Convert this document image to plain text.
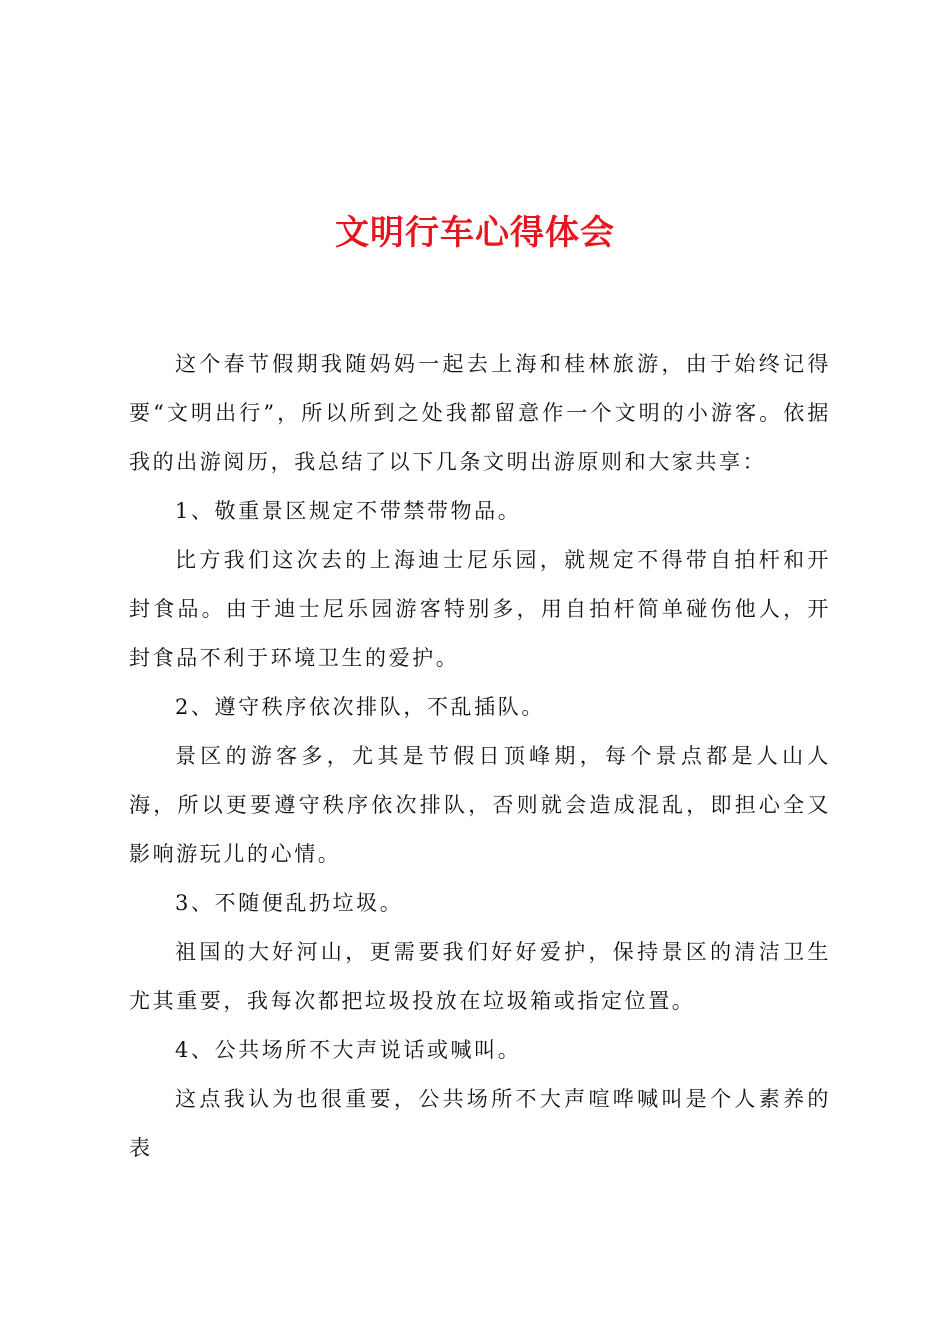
文明行车心得体会

这个春节假期我随妈妈一起去上海和桂林旅游，由于始终记得要“文明出行”，所以所到之处我都留意作一个文明的小游客。依据我的出游阅历，我总结了以下几条文明出游原则和大家共享：

1、敬重景区规定不带禁带物品。

比方我们这次去的上海迪士尼乐园，就规定不得带自拍杆和开封食品。由于迪士尼乐园游客特别多，用自拍杆简单碰伤他人，开封食品不利于环境卫生的爱护。

2、遵守秩序依次排队，不乱插队。

景区的游客多，尤其是节假日顶峰期，每个景点都是人山人海，所以更要遵守秩序依次排队，否则就会造成混乱，即担心全又影响游玩儿的心情。

3、不随便乱扔垃圾。

祖国的大好河山，更需要我们好好爱护，保持景区的清洁卫生尤其重要，我每次都把垃圾投放在垃圾箱或指定位置。

4、公共场所不大声说话或喊叫。

这点我认为也很重要，公共场所不大声喧哗喊叫是个人素养的表
